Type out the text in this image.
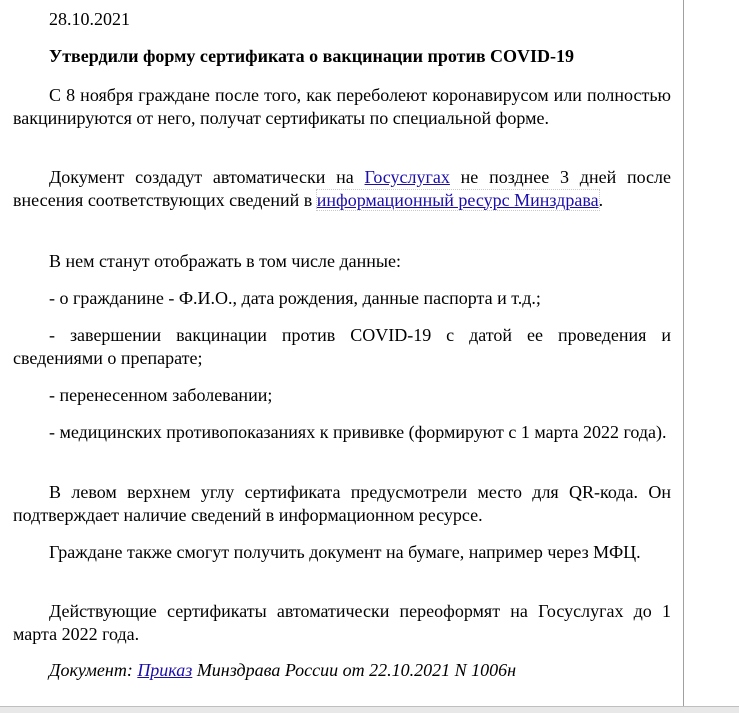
28.10.2021
Утвердили форму сертификата о вакцинации против COVID-19

С 8 ноября граждане после того, как переболеют коронавирусом или полностью вакцинируются от него, получат сертификаты по специальной форме.

Документ создадут автоматически на Госуслугах не позднее 3 дней после внесения соответствующих сведений в информационный ресурс Минздрава.

В нем станут отображать в том числе данные:

- о гражданине - Ф.И.О., дата рождения, данные паспорта и т.д.;

- завершении вакцинации против COVID-19 с датой ее проведения и сведениями о препарате;

- перенесенном заболевании;

- медицинских противопоказаниях к прививке (формируют с 1 марта 2022 года).

В левом верхнем углу сертификата предусмотрели место для QR-кода. Он подтверждает наличие сведений в информационном ресурсе.

Граждане также смогут получить документ на бумаге, например через МФЦ.

Действующие сертификаты автоматически переоформят на Госуслугах до 1 марта 2022 года.

Документ: Приказ Минздрава России от 22.10.2021 N 1006н
